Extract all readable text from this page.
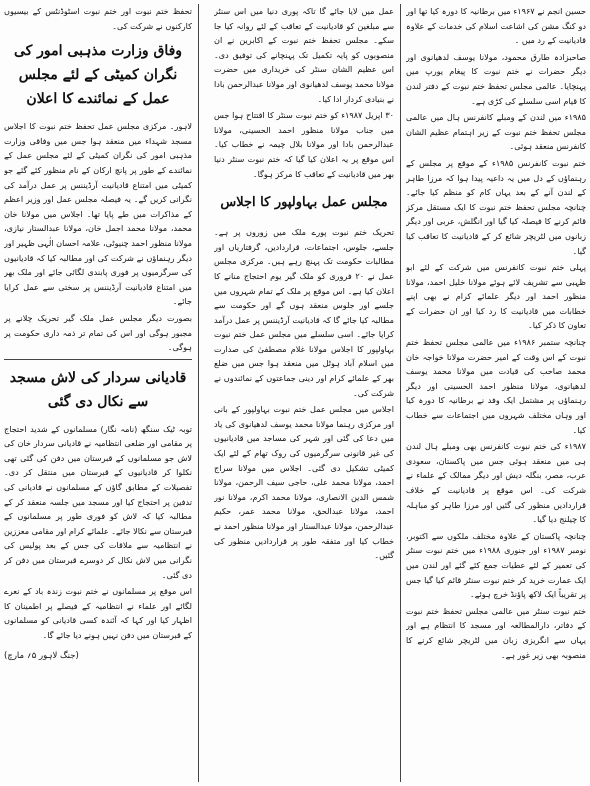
حسین انجم نے ۱۹۶۷ء میں برطانیہ کا دورہ کیا تھا اور دو کنگ مشن کی اشاعت اسلام کی خدمات کے علاوہ قادیانیت کے رد میں ۔

صاحبزادہ طارق محمود، مولانا یوسف لدھیانوی اور دیگر حضرات نے ختم نبوت کا پیغام یورپ میں پہنچایا۔ عالمی مجلس تحفظ ختم نبوت کے دفتر لندن کا قیام اسی سلسلے کی کڑی ہے۔

۱۹۸۵ء میں لندن کے ومبلے کانفرنس ہال میں عالمی مجلس تحفظ ختم نبوت کے زیر اہتمام عظیم الشان کانفرنس منعقد ہوئی۔

ختم نبوت کانفرنس ۱۹۸۵ء کے موقع پر مجلس کے رہنماؤں کے دل میں یہ داعیہ پیدا ہوا کہ مرزا طاہر کے لندن آنے کے بعد یہاں کام کو منظم کیا جائے۔ چنانچہ مجلس تحفظ ختم نبوت کا ایک مستقل مرکز قائم کرنے کا فیصلہ کیا گیا اور انگلش، عربی اور دیگر زبانوں میں لٹریچر شائع کر کے قادیانیت کا تعاقب کیا گیا۔

پہلی ختم نبوت کانفرنس میں شرکت کے لئے ابو ظہبی سے تشریف لائے ہوئے مولانا خلیل احمد، مولانا منظور احمد اور دیگر علمائے کرام نے بھی اپنے خطابات میں قادیانیت کا رد کیا اور ان حضرات کے تعاون کا ذکر کیا۔

چنانچہ ستمبر ۱۹۸۶ء میں عالمی مجلس تحفظ ختم نبوت کے اس وقت کے امیر حضرت مولانا خواجہ خان محمد صاحب کی قیادت میں مولانا محمد یوسف لدھیانوی، مولانا منظور احمد الحسینی اور دیگر رہنماؤں پر مشتمل ایک وفد نے برطانیہ کا دورہ کیا اور وہاں مختلف شہروں میں اجتماعات سے خطاب کیا۔

۱۹۸۷ء کی ختم نبوت کانفرنس بھی ومبلے ہال لندن ہی میں منعقد ہوئی جس میں پاکستان، سعودی عرب، مصر، بنگلہ دیش اور دیگر ممالک کے علماء نے شرکت کی۔ اس موقع پر قادیانیت کے خلاف قراردادیں منظور کی گئیں اور مرزا طاہر کو مباہلہ کا چیلنج دیا گیا۔

چنانچہ پاکستان کے علاوہ مختلف ملکوں سے اکتوبر، نومبر ۱۹۸۷ء اور جنوری ۱۹۸۸ء میں ختم نبوت سنٹر کی تعمیر کے لئے عطیات جمع کئے گئے اور لندن میں ایک عمارت خرید کر ختم نبوت سنٹر قائم کیا گیا جس پر تقریباً ایک لاکھ پاؤنڈ خرچ ہوئے۔

ختم نبوت سنٹر میں عالمی مجلس تحفظ ختم نبوت کے دفاتر، دارالمطالعہ اور مسجد کا انتظام ہے اور یہاں سے انگریزی زبان میں لٹریچر شائع کرنے کا منصوبہ بھی زیر غور ہے۔

عمل میں لایا جائے گا تاکہ پوری دنیا میں اس سنٹر سے مبلغین کو قادیانیت کے تعاقب کے لئے روانہ کیا جا سکے۔ مجلس تحفظ ختم نبوت کے اکابرین نے ان منصوبوں کو پایہ تکمیل تک پہنچانے کی توفیق دی۔ اس عظیم الشان سنٹر کی خریداری میں حضرت مولانا محمد یوسف لدھیانوی اور مولانا عبدالرحمن بادا نے بنیادی کردار ادا کیا۔

۳۰ اپریل ۱۹۸۷ء کو ختم نبوت سنٹر کا افتتاح ہوا جس میں جناب مولانا منظور احمد الحسینی، مولانا عبدالرحمن بادا اور مولانا بلال چیمہ نے خطاب کیا۔ اس موقع پر یہ اعلان کیا گیا کہ ختم نبوت سنٹر دنیا بھر میں قادیانیت کے تعاقب کا مرکز ہوگا۔

مجلس عمل بہاولپور کا اجلاس

تحریک ختم نبوت پورے ملک میں زوروں پر ہے۔ جلسے، جلوس، اجتماعات، قراردادیں، گرفتاریاں اور مطالبات حکومت تک پہنچ رہے ہیں۔ مرکزی مجلس عمل نے ۲۰ فروری کو ملک گیر یوم احتجاج منانے کا اعلان کیا ہے۔ اس موقع پر ملک کے تمام شہروں میں جلسے اور جلوس منعقد ہوں گے اور حکومت سے مطالبہ کیا جائے گا کہ قادیانیت آرڈیننس پر عمل درآمد کرایا جائے۔ اسی سلسلے میں مجلس عمل ختم نبوت بہاولپور کا اجلاس مولانا غلام مصطفیٰ کی صدارت میں اسلام آباد ہوٹل میں منعقد ہوا جس میں ضلع بھر کے علمائے کرام اور دینی جماعتوں کے نمائندوں نے شرکت کی۔

اجلاس میں مجلس عمل ختم نبوت بہاولپور کے بانی اور مرکزی رہنما مولانا محمد یوسف لدھیانوی کی یاد میں دعا کی گئی اور شہر کی مساجد میں قادیانیوں کی غیر قانونی سرگرمیوں کی روک تھام کے لئے ایک کمیٹی تشکیل دی گئی۔ اجلاس میں مولانا سراج احمد، مولانا محمد علی، حاجی سیف الرحمن، مولانا شمس الدین الانصاری، مولانا محمد اکرم، مولانا نور احمد، مولانا عبدالحق، مولانا محمد عمر، حکیم عبدالرحمن، مولانا عبدالستار اور مولانا منظور احمد نے خطاب کیا اور متفقہ طور پر قراردادیں منظور کی گئیں۔

تحفظ ختم نبوت اور ختم نبوت اسٹوڈنٹس کے بیسیوں کارکنوں نے شرکت کی۔

وفاق وزارت مذہبی امور کی نگران کمیٹی کے لئے مجلس عمل کے نمائندے کا اعلان

لاہور۔ مرکزی مجلس عمل تحفظ ختم نبوت کا اجلاس مسجد شہداء میں منعقد ہوا جس میں وفاقی وزارت مذہبی امور کی نگران کمیٹی کے لئے مجلس عمل کے نمائندے کے طور پر پانچ ارکان کے نام منظور کئے گئے جو کمیٹی میں امتناع قادیانیت آرڈیننس پر عمل درآمد کی نگرانی کریں گے۔ یہ فیصلہ مجلس عمل اور وزیر اعظم کے مذاکرات میں طے پایا تھا۔ اجلاس میں مولانا خان محمد، مولانا محمد اجمل خان، مولانا عبدالستار نیازی، مولانا منظور احمد چنیوٹی، علامہ احسان الٰہی ظہیر اور دیگر رہنماؤں نے شرکت کی اور مطالبہ کیا کہ قادیانیوں کی سرگرمیوں پر فوری پابندی لگائی جائے اور ملک بھر میں امتناع قادیانیت آرڈیننس پر سختی سے عمل کرایا جائے۔

بصورت دیگر مجلس عمل ملک گیر تحریک چلانے پر مجبور ہوگی اور اس کی تمام تر ذمہ داری حکومت پر ہوگی۔

قادیانی سردار کی لاش مسجد سے نکال دی گئی

توبہ ٹیک سنگھ (نامہ نگار) مسلمانوں کے شدید احتجاج پر مقامی اور ضلعی انتظامیہ نے قادیانی سردار خان کی لاش جو مسلمانوں کے قبرستان میں دفن کی گئی تھی نکلوا کر قادیانیوں کے قبرستان میں منتقل کر دی۔ تفصیلات کے مطابق گاؤں کے مسلمانوں نے قادیانی کی تدفین پر احتجاج کیا اور مسجد میں جلسہ منعقد کر کے مطالبہ کیا کہ لاش کو فوری طور پر مسلمانوں کے قبرستان سے نکالا جائے۔ علمائے کرام اور مقامی معززین نے انتظامیہ سے ملاقات کی جس کے بعد پولیس کی نگرانی میں لاش نکال کر دوسرے قبرستان میں دفن کر دی گئی۔

اس موقع پر مسلمانوں نے ختم نبوت زندہ باد کے نعرے لگائے اور علماء نے انتظامیہ کے فیصلے پر اطمینان کا اظہار کیا اور کہا کہ آئندہ کسی قادیانی کو مسلمانوں کے قبرستان میں دفن نہیں ہونے دیا جائے گا۔

(جنگ لاہور ۵؍ مارچ)
